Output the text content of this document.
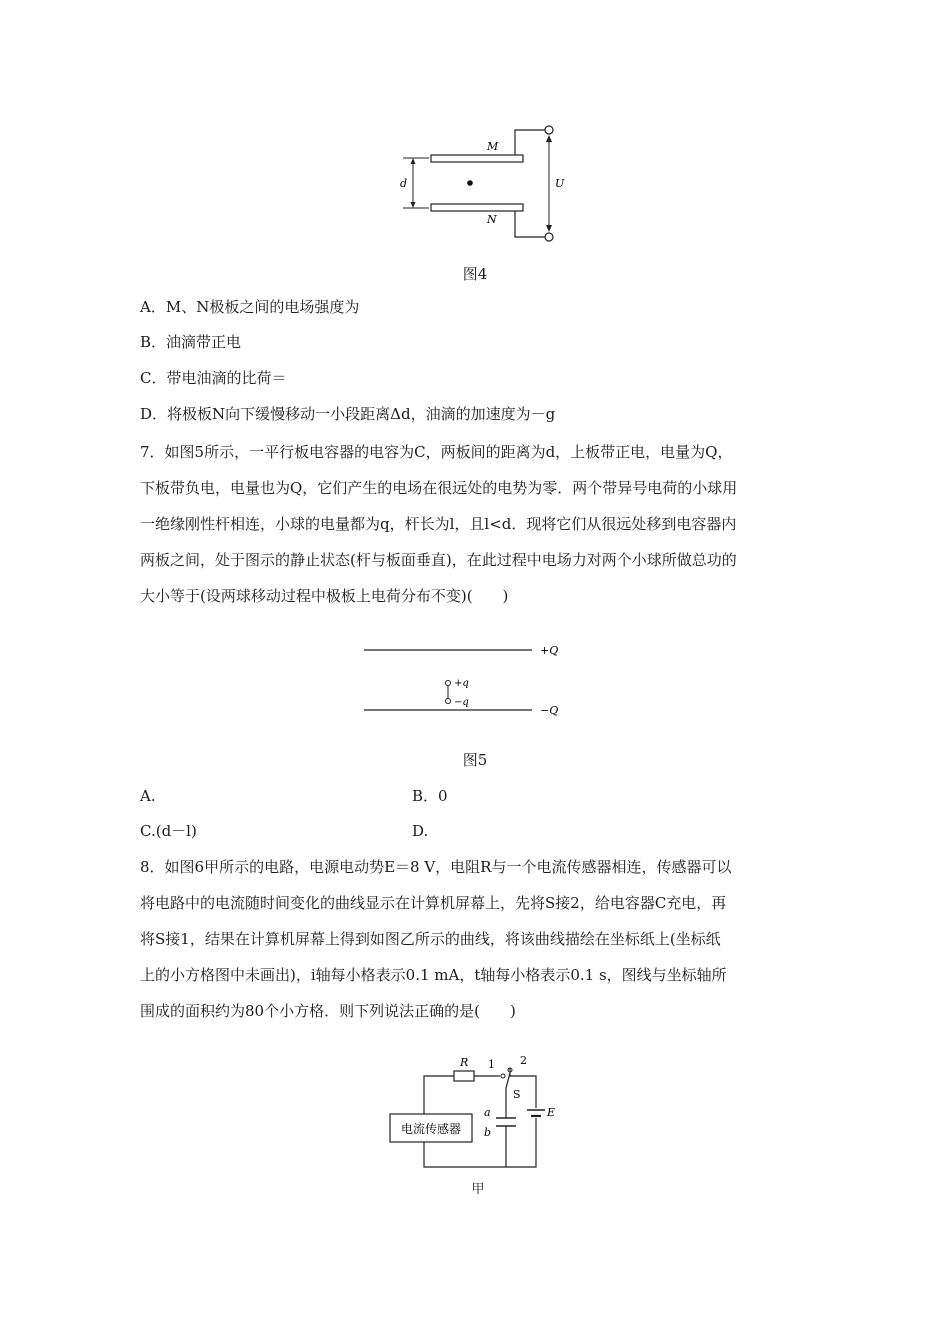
M
N
d	U
图4
A．M、N极板之间的电场强度为
B．油滴带正电
C．带电油滴的比荷＝
D．将极板N向下缓慢移动一小段距离Δd，油滴的加速度为－g
7．如图5所示，一平行板电容器的电容为C，两板间的距离为d，上板带正电，电量为Q，
下板带负电，电量也为Q，它们产生的电场在很远处的电势为零．两个带异号电荷的小球用
一绝缘刚性杆相连，小球的电量都为q，杆长为l，且l<d．现将它们从很远处移到电容器内
两板之间，处于图示的静止状态(杆与板面垂直)，在此过程中电场力对两个小球所做总功的
大小等于(设两球移动过程中极板上电荷分布不变)(　　)
+Q
−Q
+q
−q
图5
A.	B．0
C.(d－l)	D.
8．如图6甲所示的电路，电源电动势E＝8 V，电阻R与一个电流传感器相连，传感器可以
将电路中的电流随时间变化的曲线显示在计算机屏幕上，先将S接2，给电容器C充电，再
将S接1，结果在计算机屏幕上得到如图乙所示的曲线，将该曲线描绘在坐标纸上(坐标纸
上的小方格图中未画出)，i轴每小格表示0.1 mA，t轴每小格表示0.1 s，图线与坐标轴所
围成的面积约为80个小方格．则下列说法正确的是(　　)
电流传感器
R 1 2
S
a
b
E
甲
